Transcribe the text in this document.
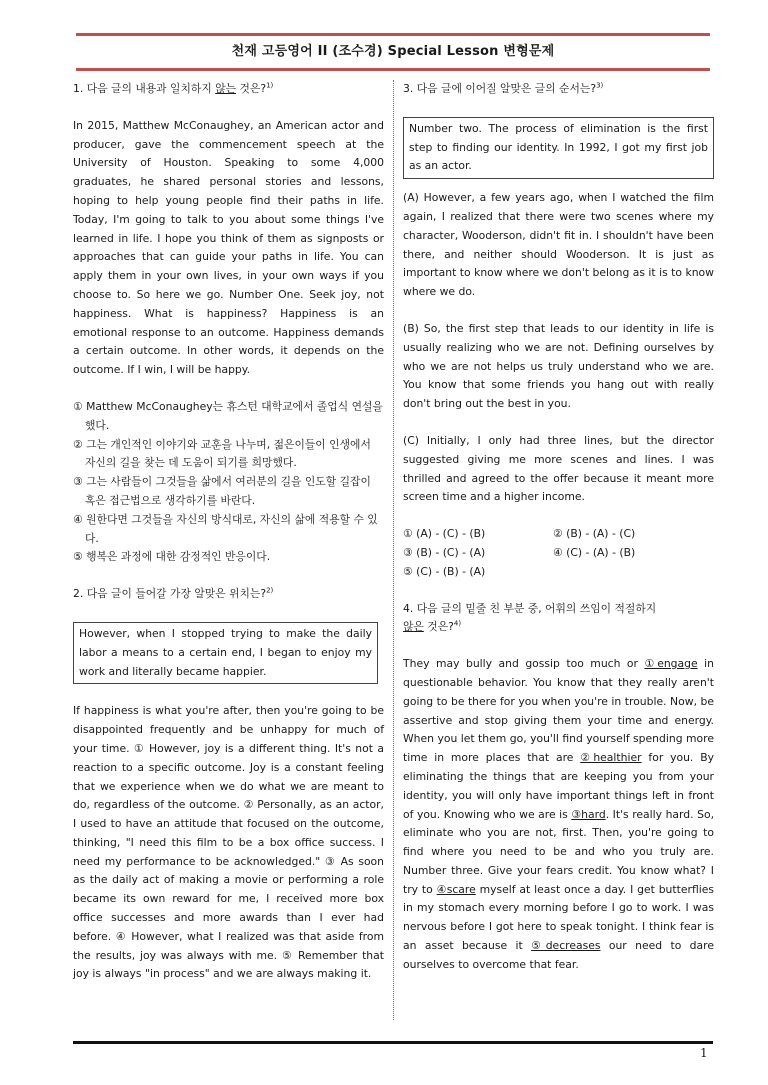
천재 고등영어 II (조수경) Special Lesson 변형문제

1. 다음 글의 내용과 일치하지 않는 것은?$^{1)}$

In 2015, Matthew McConaughey, an American actor and producer, gave the commencement speech at the University of Houston. Speaking to some 4,000 graduates, he shared personal stories and lessons, hoping to help young people find their paths in life. Today, I'm going to talk to you about some things I've learned in life. I hope you think of them as signposts or approaches that can guide your paths in life. You can apply them in your own lives, in your own ways if you choose to. So here we go. Number One. Seek joy, not happiness. What is happiness? Happiness is an emotional response to an outcome. Happiness demands a certain outcome. In other words, it depends on the outcome. If I win, I will be happy.

① Matthew McConaughey는 휴스턴 대학교에서 졸업식 연설을 했다.

② 그는 개인적인 이야기와 교훈을 나누며, 젊은이들이 인생에서 자신의 길을 찾는 데 도움이 되기를 희망했다.

③ 그는 사람들이 그것들을 삶에서 여러분의 길을 인도할 길잡이 혹은 접근법으로 생각하기를 바란다.

④ 원한다면 그것들을 자신의 방식대로, 자신의 삶에 적용할 수 있다.

⑤ 행복은 과정에 대한 감정적인 반응이다.

2. 다음 글이 들어갈 가장 알맞은 위치는?$^{2)}$

However, when I stopped trying to make the daily labor a means to a certain end, I began to enjoy my work and literally became happier.

If happiness is what you're after, then you're going to be disappointed frequently and be unhappy for much of your time. ① However, joy is a different thing. It's not a reaction to a specific outcome. Joy is a constant feeling that we experience when we do what we are meant to do, regardless of the outcome. ② Personally, as an actor, I used to have an attitude that focused on the outcome, thinking, "I need this film to be a box office success. I need my performance to be acknowledged." ③ As soon as the daily act of making a movie or performing a role became its own reward for me, I received more box office successes and more awards than I ever had before. ④ However, what I realized was that aside from the results, joy was always with me. ⑤ Remember that joy is always "in process" and we are always making it.

3. 다음 글에 이어질 알맞은 글의 순서는?$^{3)}$

Number two. The process of elimination is the first step to finding our identity. In 1992, I got my first job as an actor.

(A) However, a few years ago, when I watched the film again, I realized that there were two scenes where my character, Wooderson, didn't fit in. I shouldn't have been there, and neither should Wooderson. It is just as important to know where we don't belong as it is to know where we do.

(B) So, the first step that leads to our identity in life is usually realizing who we are not. Defining ourselves by who we are not helps us truly understand who we are. You know that some friends you hang out with really don't bring out the best in you.

(C) Initially, I only had three lines, but the director suggested giving me more scenes and lines. I was thrilled and agreed to the offer because it meant more screen time and a higher income.

① (A) - (C) - (B)	② (B) - (A) - (C)
③ (B) - (C) - (A)	④ (C) - (A) - (B)
⑤ (C) - (B) - (A)

4. 다음 글의 밑줄 친 부분 중, 어휘의 쓰임이 적절하지
않은 것은?$^{4)}$

They may bully and gossip too much or ①engage in questionable behavior. You know that they really aren't going to be there for you when you're in trouble. Now, be assertive and stop giving them your time and energy. When you let them go, you'll find yourself spending more time in more places that are ②healthier for you. By eliminating the things that are keeping you from your identity, you will only have important things left in front of you. Knowing who we are is ③hard. It's really hard. So, eliminate who you are not, first. Then, you're going to find where you need to be and who you truly are. Number three. Give your fears credit. You know what? I try to ④scare myself at least once a day. I get butterflies in my stomach every morning before I go to work. I was nervous before I got here to speak tonight. I think fear is an asset because it ⑤decreases our need to dare ourselves to overcome that fear.

1
